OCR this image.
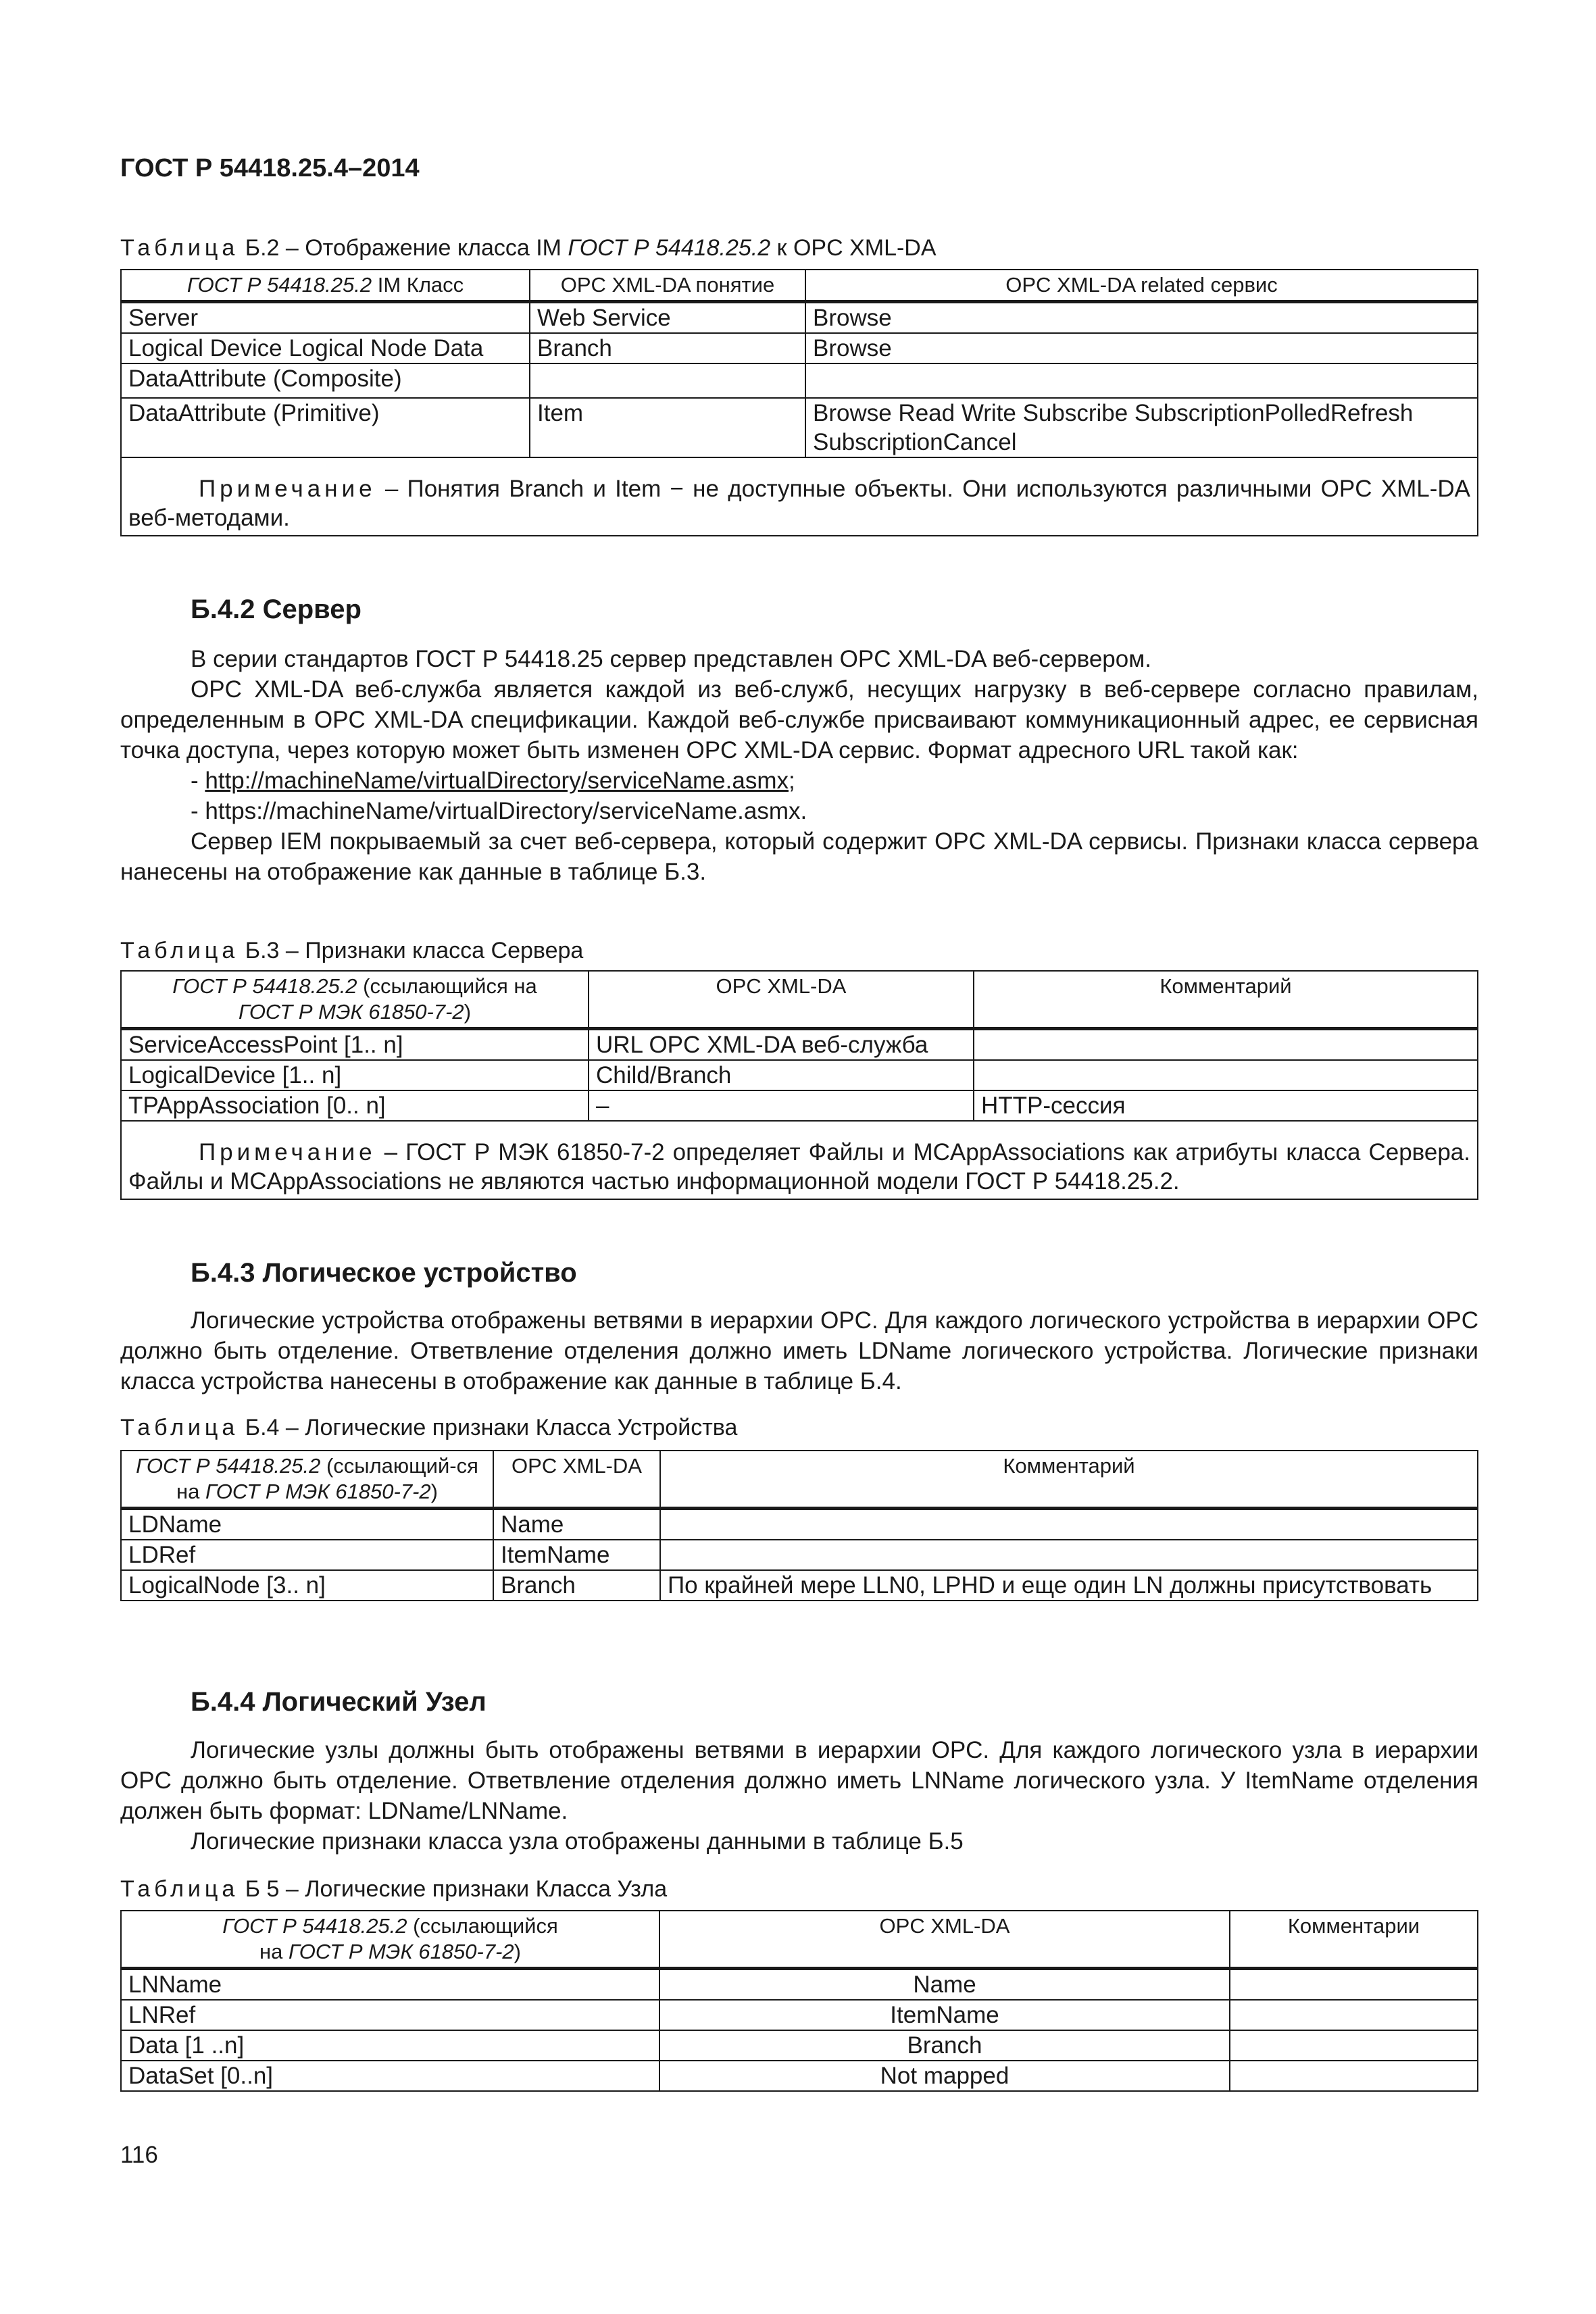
ГОСТ Р 54418.25.4–2014
Таблица Б.2 – Отображение класса IM ГОСТ Р 54418.25.2 к OPC XML-DA
ГОСТ Р 54418.25.2 IM Класс	OPC XML-DA понятие	OPC XML-DA related сервис
Server	Web Service	Browse
Logical Device Logical Node Data	Branch	Browse
DataAttribute (Composite)		
DataAttribute (Primitive)	Item	Browse Read Write Subscribe SubscriptionPolledRefresh SubscriptionCancel
Примечание – Понятия Branch и Item − не доступные объекты. Они используются различными OPC XML-DA веб-методами.		
Б.4.2 Сервер

В серии стандартов ГОСТ Р 54418.25 сервер представлен OPC XML-DA веб-сервером.

OPC XML-DA веб-служба является каждой из веб-служб, несущих нагрузку в веб-сервере согласно правилам, определенным в OPC XML-DA спецификации. Каждой веб-службе присваивают коммуникационный адрес, ее сервисная точка доступа, через которую может быть изменен OPC XML-DA сервис. Формат адресного URL такой как:

- http://machineName/virtualDirectory/serviceName.asmx;

- https://machineName/virtualDirectory/serviceName.asmx.

Сервер IEM покрываемый за счет веб-сервера, который содержит OPC XML-DA сервисы. Признаки класса сервера нанесены на отображение как данные в таблице Б.3.

Таблица Б.3 – Признаки класса Сервера
ГОСТ Р 54418.25.2 (ссылающийся на
ГОСТ Р МЭК 61850-7-2)	OPC XML-DA	Комментарий
ServiceAccessPoint [1.. n]	URL OPC XML-DA веб-служба	
LogicalDevice [1.. n]	Child/Branch	
TPAppAssociation [0.. n]	–	HTTP-сессия
Примечание – ГОСТ Р МЭК 61850-7-2 определяет Файлы и MCAppAssociations как атрибуты класса Сервера. Файлы и MCAppAssociations не являются частью информационной модели ГОСТ Р 54418.25.2.		
Б.4.3 Логическое устройство

Логические устройства отображены ветвями в иерархии OPC. Для каждого логического устройства в иерархии OPC должно быть отделение. Ответвление отделения должно иметь LDName логического устройства. Логические признаки класса устройства нанесены в отображение как данные в таблице Б.4.

Таблица Б.4 – Логические признаки Класса Устройства
ГОСТ Р 54418.25.2 (ссылающий-ся на ГОСТ Р МЭК 61850-7-2)	OPC XML-DA	Комментарий
LDName	Name	
LDRef	ItemName	
LogicalNode [3.. n]	Branch	По крайней мере LLN0, LPHD и еще один LN должны присутствовать
Б.4.4 Логический Узел

Логические узлы должны быть отображены ветвями в иерархии OPC. Для каждого логического узла в иерархии OPC должно быть отделение. Ответвление отделения должно иметь LNName логического узла. У ItemName отделения должен быть формат: LDName/LNName.

Логические признаки класса узла отображены данными в таблице Б.5

Таблица Б 5 – Логические признаки Класса Узла
ГОСТ Р 54418.25.2 (ссылающийся
на ГОСТ Р МЭК 61850-7-2)	OPC XML-DA	Комментарии
LNName	Name	
LNRef	ItemName	
Data [1 ..n]	Branch	
DataSet [0..n]	Not mapped	
116
